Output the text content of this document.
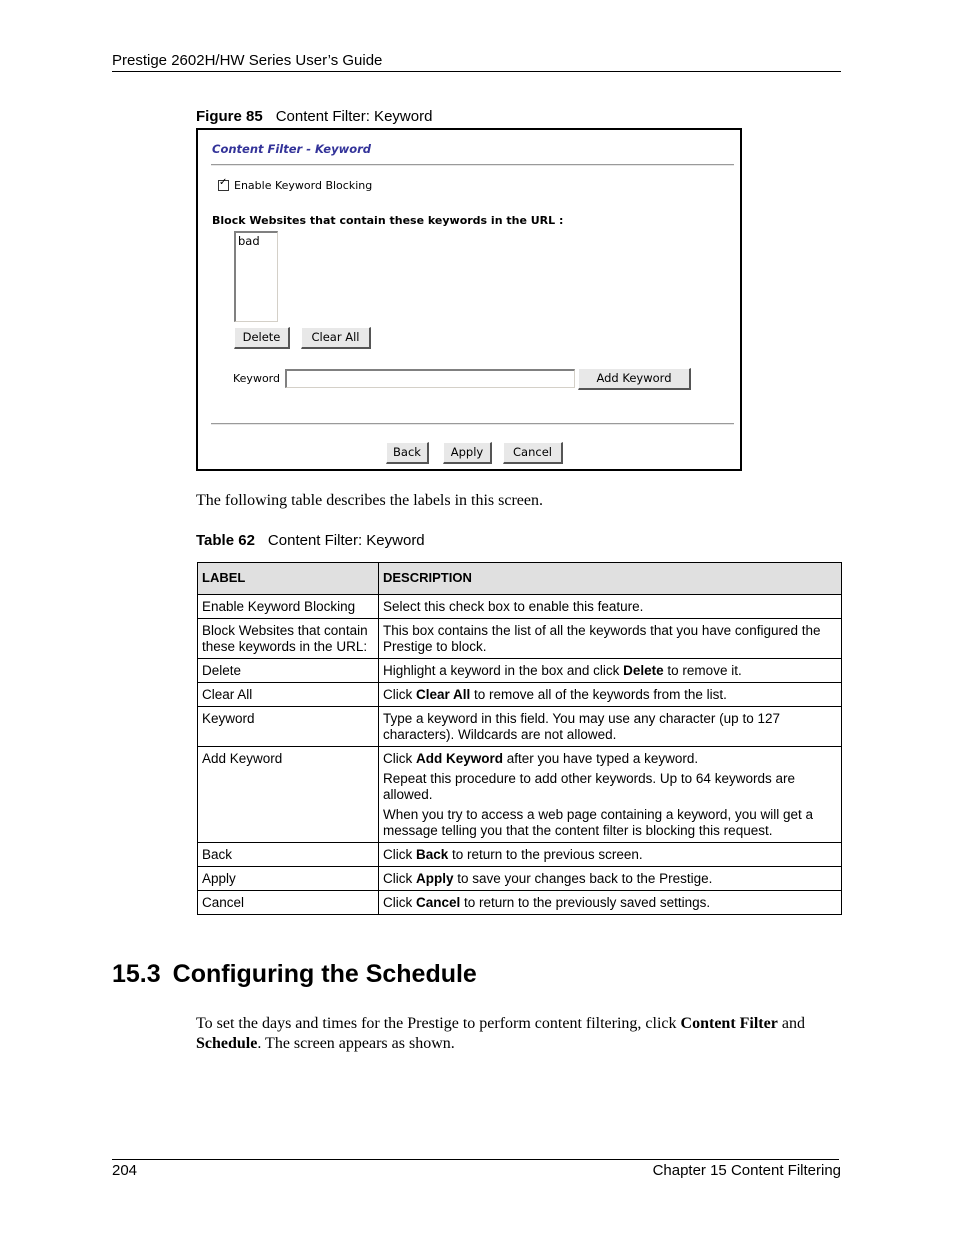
Prestige 2602H/HW Series User’s Guide
Figure 85 Content Filter: Keyword
Content Filter - Keyword
✓
Enable Keyword Blocking
Block Websites that contain these keywords in the URL :
bad
Delete	Clear All
Keyword	Add Keyword
Back	Apply	Cancel
The following table describes the labels in this screen.
Table 62 Content Filter: Keyword
LABEL	DESCRIPTION
Enable Keyword Blocking	Select this check box to enable this feature.
Block Websites that contain these keywords in the URL:	This box contains the list of all the keywords that you have configured the Prestige to block.
Delete	Highlight a keyword in the box and click Delete to remove it.
Clear All	Click Clear All to remove all of the keywords from the list.
Keyword	Type a keyword in this field. You may use any character (up to 127 characters). Wildcards are not allowed.
Add Keyword	Click Add Keyword after you have typed a keyword.

Repeat this procedure to add other keywords. Up to 64 keywords are allowed.

When you try to access a web page containing a keyword, you will get a message telling you that the content filter is blocking this request.

Back	Click Back to return to the previous screen.
Apply	Click Apply to save your changes back to the Prestige.
Cancel	Click Cancel to return to the previously saved settings.
15.3 Configuring the Schedule
To set the days and times for the Prestige to perform content filtering, click Content Filter and Schedule. The screen appears as shown.
204	Chapter 15 Content Filtering
